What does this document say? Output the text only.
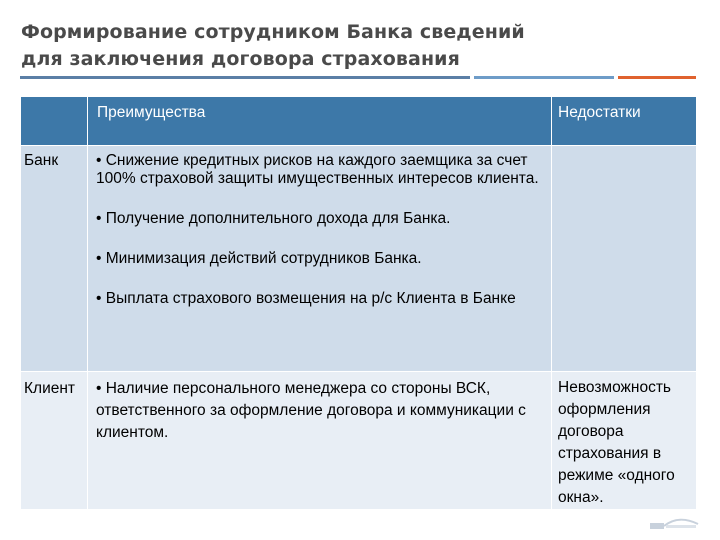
Формирование сотрудником Банка сведений
для заключения договора страхования

	Преимущества	Недостатки

Банк	• Снижение кредитных рисков на каждого заемщика за счет 100% страховой защиты имущественных интересов клиента.

• Получение дополнительного дохода для Банка.

• Минимизация действий сотрудников Банка.

• Выплата страхового возмещения на р/с Клиента в Банке	

Клиент	• Наличие персонального менеджера со стороны ВСК, ответственного за оформление договора и коммуникации с клиентом.	Невозможность оформления договора страхования в режиме «одного окна».
